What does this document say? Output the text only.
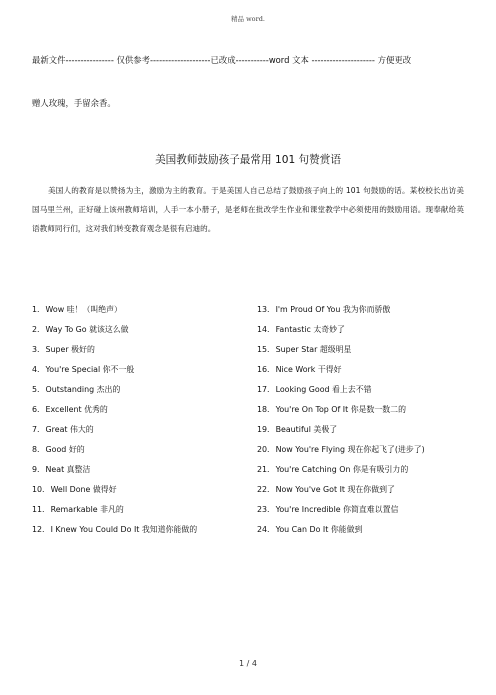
精品 word.
最新文件---------------- 仅供参考--------------------已改成-----------word 文本 --------------------- 方便更改
赠人玫瑰，手留余香。
美国教师鼓励孩子最常用 101 句赞赏语
美国人的教育是以赞扬为主，激励为主的教育。于是美国人自己总结了鼓励孩子向上的 101 句鼓励的话。某校校长出访美国马里兰州，正好碰上该州教师培训，人手一本小册子，是老师在批改学生作业和课堂教学中必须使用的鼓励用语。现奉献给英语教师同行们，这对我们转变教育观念是很有启迪的。
1. Wow 哇！（叫绝声）
2. Way To Go 就该这么做
3. Super 极好的
4. You're Special 你不一般
5. Outstanding 杰出的
6. Excellent 优秀的
7. Great 伟大的
8. Good 好的
9. Neat 真整洁
10. Well Done 做得好
11. Remarkable 非凡的
12. I Knew You Could Do It 我知道你能做的
13. I'm Proud Of You 我为你而骄傲
14. Fantastic 太奇妙了
15. Super Star 超级明星
16. Nice Work 干得好
17. Looking Good 看上去不错
18. You're On Top Of It 你是数一数二的
19. Beautiful 美极了
20. Now You're Flying 现在你起飞了(进步了)
21. You're Catching On 你是有吸引力的
22. Now You've Got It 现在你做到了
23. You're Incredible 你简直难以置信
24. You Can Do It 你能做到
1 / 4
